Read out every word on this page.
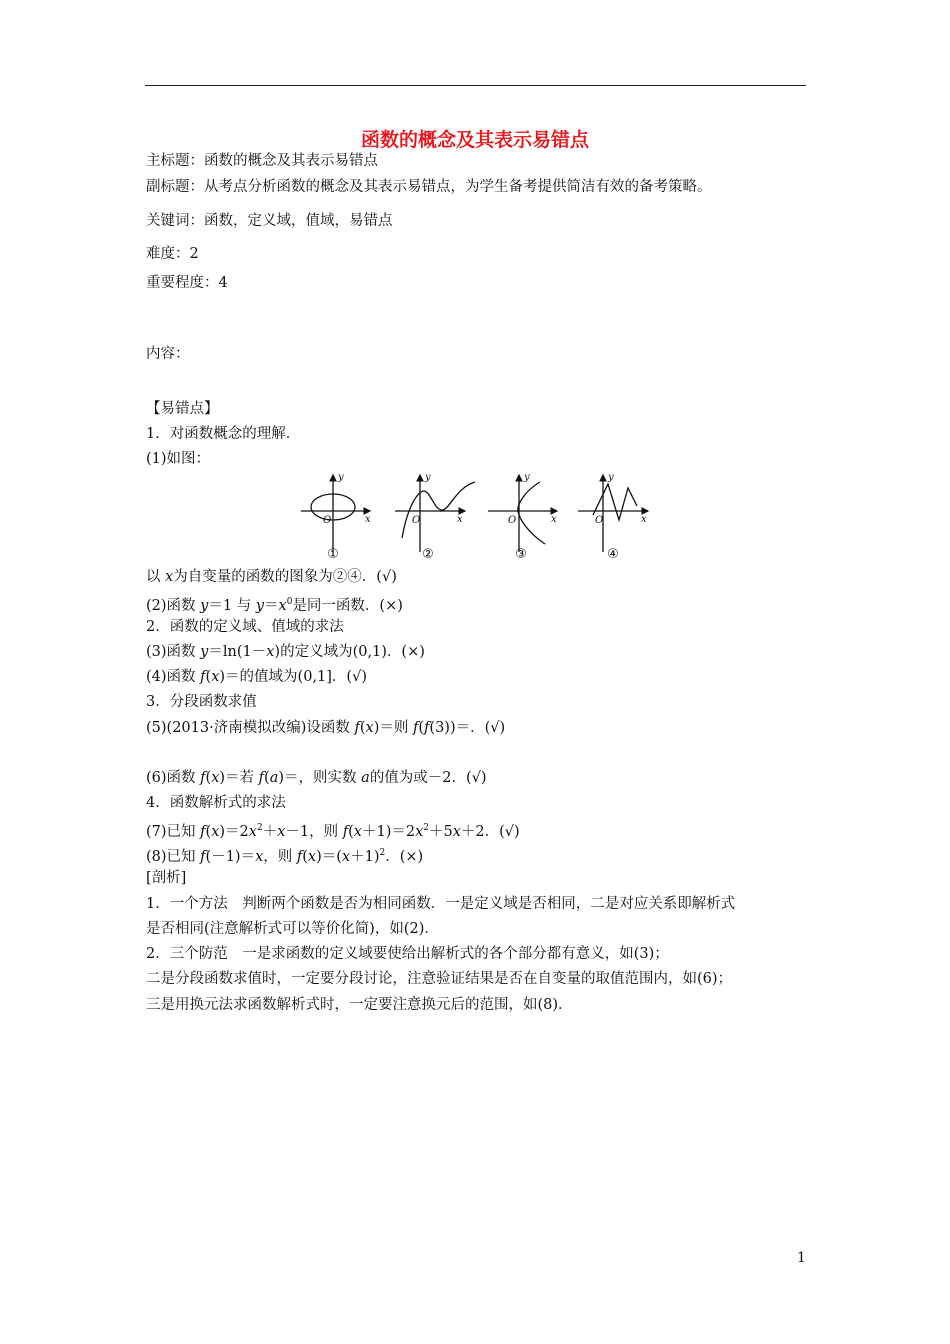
函数的概念及其表示易错点
主标题：函数的概念及其表示易错点
副标题：从考点分析函数的概念及其表示易错点，为学生备考提供简洁有效的备考策略。
关键词：函数，定义域，值域，易错点
难度：2
重要程度：4
内容：
【易错点】
1．对函数概念的理解．
(1)如图：
y
x
O
y
x
O
y
x
O
y
x
O
①	②	③	④
以 x为自变量的函数的图象为②④．(√)
(2)函数 y＝1 与 $y=x^0$是同一函数．(×)
2．函数的定义域、值域的求法
(3)函数 y＝ln(1－x)的定义域为(0,1)．(×)
(4)函数 f(x)＝的值域为(0,1]．(√)
3．分段函数求值
(5)(2013·济南模拟改编)设函数 f(x)＝则 f(f(3))＝．(√)
(6)函数 f(x)＝若 f(a)＝，则实数 a的值为或－2．(√)
4．函数解析式的求法
(7)已知 $f(x)=2x^2+x-1$，则 $f(x+1)=2x^2+5x+2$．(√)
(8)已知 f(－1)＝x，则 $f(x)=(x+1)^2$．(×)
[剖析]
1．一个方法　判断两个函数是否为相同函数．一是定义域是否相同，二是对应关系即解析式
是否相同(注意解析式可以等价化简)，如(2)．
2．三个防范　一是求函数的定义域要使给出解析式的各个部分都有意义，如(3)；
二是分段函数求值时，一定要分段讨论，注意验证结果是否在自变量的取值范围内，如(6)；
三是用换元法求函数解析式时，一定要注意换元后的范围，如(8)．
1
